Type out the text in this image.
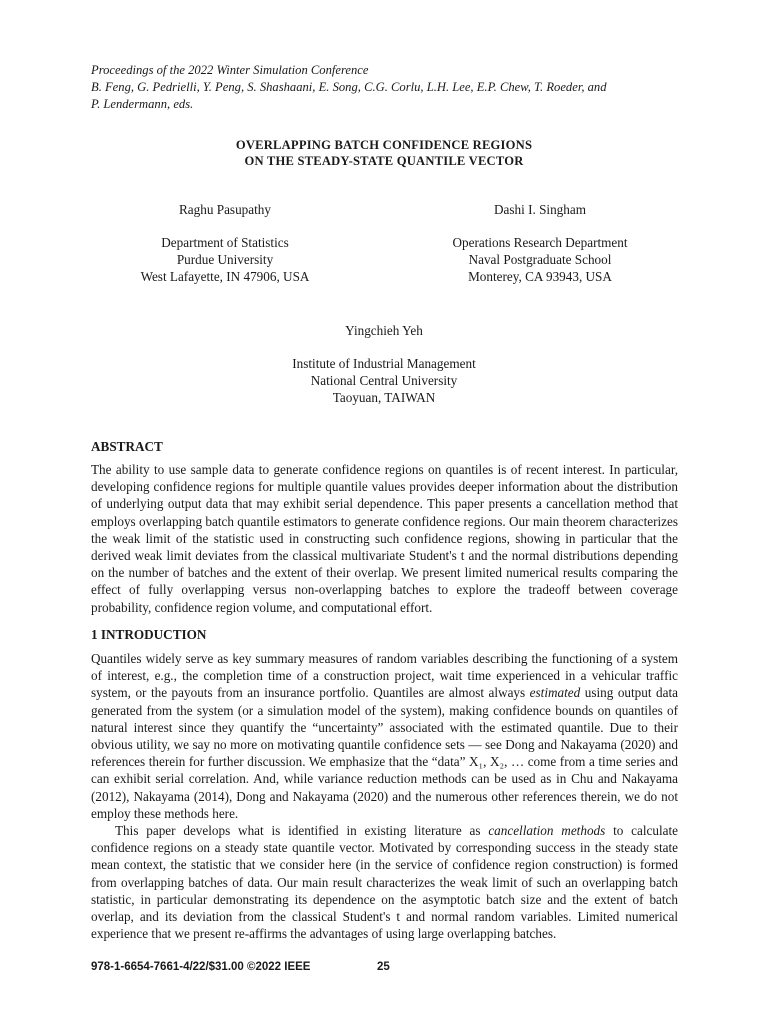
Proceedings of the 2022 Winter Simulation Conference
B. Feng, G. Pedrielli, Y. Peng, S. Shashaani, E. Song, C.G. Corlu, L.H. Lee, E.P. Chew, T. Roeder, and
P. Lendermann, eds.
OVERLAPPING BATCH CONFIDENCE REGIONS
ON THE STEADY-STATE QUANTILE VECTOR
Raghu Pasupathy
Department of Statistics
Purdue University
West Lafayette, IN 47906, USA
Dashi I. Singham
Operations Research Department
Naval Postgraduate School
Monterey, CA 93943, USA
Yingchieh Yeh
Institute of Industrial Management
National Central University
Taoyuan, TAIWAN
ABSTRACT
The ability to use sample data to generate confidence regions on quantiles is of recent interest. In particular, developing confidence regions for multiple quantile values provides deeper information about the distribution of underlying output data that may exhibit serial dependence. This paper presents a cancellation method that employs overlapping batch quantile estimators to generate confidence regions. Our main theorem characterizes the weak limit of the statistic used in constructing such confidence regions, showing in particular that the derived weak limit deviates from the classical multivariate Student's t and the normal distributions depending on the number of batches and the extent of their overlap. We present limited numerical results comparing the effect of fully overlapping versus non-overlapping batches to explore the tradeoff between coverage probability, confidence region volume, and computational effort.
1 INTRODUCTION

Quantiles widely serve as key summary measures of random variables describing the functioning of a system of interest, e.g., the completion time of a construction project, wait time experienced in a vehicular traffic system, or the payouts from an insurance portfolio. Quantiles are almost always estimated using output data generated from the system (or a simulation model of the system), making confidence bounds on quantiles of natural interest since they quantify the “uncertainty” associated with the estimated quantile. Due to their obvious utility, we say no more on motivating quantile confidence sets — see Dong and Nakayama (2020) and references therein for further discussion. We emphasize that the “data” X₁, X₂, … come from a time series and can exhibit serial correlation. And, while variance reduction methods can be used as in Chu and Nakayama (2012), Nakayama (2014), Dong and Nakayama (2020) and the numerous other references therein, we do not employ these methods here.

This paper develops what is identified in existing literature as cancellation methods to calculate confidence regions on a steady state quantile vector. Motivated by corresponding success in the steady state mean context, the statistic that we consider here (in the service of confidence region construction) is formed from overlapping batches of data. Our main result characterizes the weak limit of such an overlapping batch statistic, in particular demonstrating its dependence on the asymptotic batch size and the extent of batch overlap, and its deviation from the classical Student's t and normal random variables. Limited numerical experience that we present re-affirms the advantages of using large overlapping batches.

978-1-6654-7661-4/22/$31.00 ©2022 IEEE	25
